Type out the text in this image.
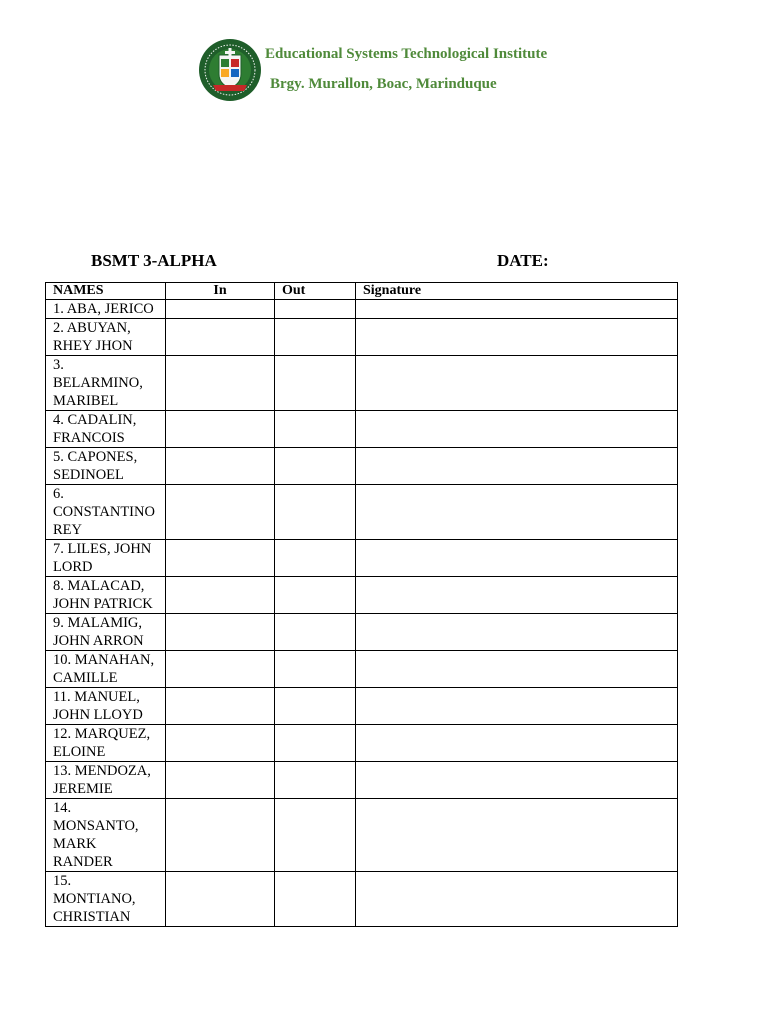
Educational Systems Technological Institute
Brgy. Murallon, Boac, Marinduque
BSMT 3-ALPHA	DATE:
NAMES	In	Out	Signature

1. ABA, JERICO			

2. ABUYAN,
RHEY JHON			

3.
BELARMINO,
MARIBEL			

4. CADALIN,
FRANCOIS			

5. CAPONES,
SEDINOEL			

6.
CONSTANTINO
REY			

7. LILES, JOHN
LORD			

8. MALACAD,
JOHN PATRICK			

9. MALAMIG,
JOHN ARRON			

10. MANAHAN,
CAMILLE			

11. MANUEL,
JOHN LLOYD			

12. MARQUEZ,
ELOINE			

13. MENDOZA,
JEREMIE			

14.
MONSANTO,
MARK
RANDER			

15.
MONTIANO,
CHRISTIAN			
